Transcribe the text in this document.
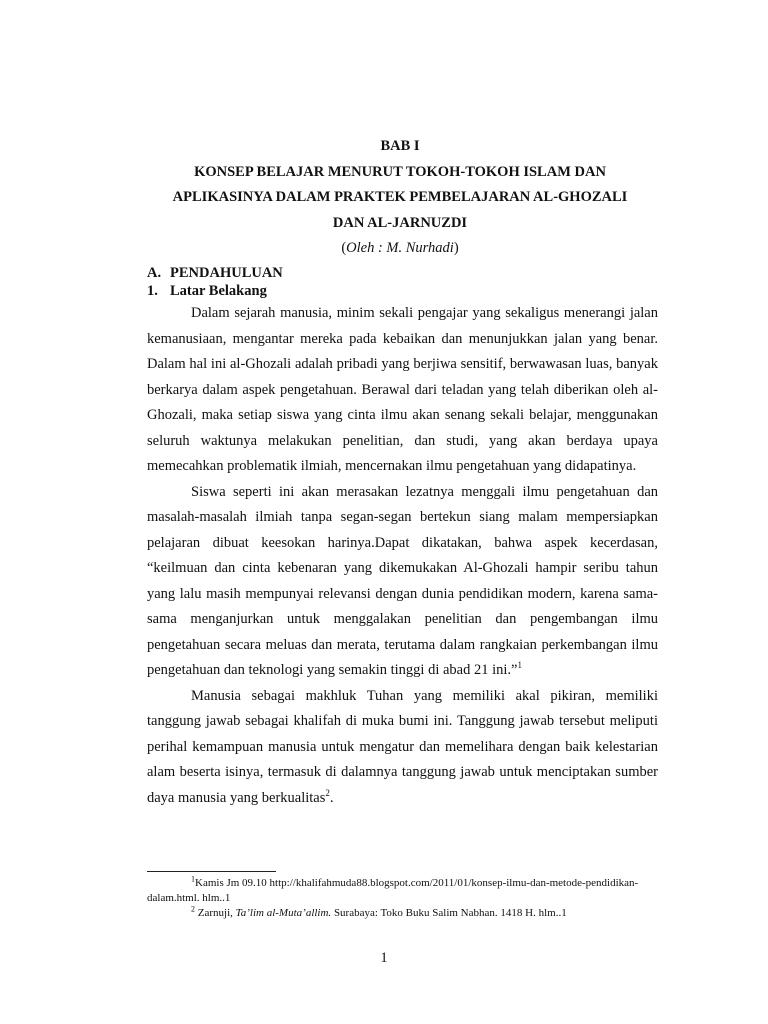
BAB I

KONSEP BELAJAR MENURUT TOKOH-TOKOH ISLAM DAN

APLIKASINYA DALAM PRAKTEK PEMBELAJARAN AL-GHOZALI

DAN AL-JARNUZDI

(Oleh : M. Nurhadi)

A. PENDAHULUAN
1. Latar Belakang

Dalam sejarah manusia, minim sekali pengajar yang sekaligus menerangi jalan kemanusiaan, mengantar mereka pada kebaikan dan menunjukkan jalan yang benar. Dalam hal ini al-Ghozali adalah pribadi yang berjiwa sensitif, berwawasan luas, banyak berkarya dalam aspek pengetahuan. Berawal dari teladan yang telah diberikan oleh al-Ghozali, maka setiap siswa yang cinta ilmu akan senang sekali belajar, menggunakan seluruh waktunya melakukan penelitian, dan studi, yang akan berdaya upaya memecahkan problematik ilmiah, mencernakan ilmu pengetahuan yang didapatinya.

Siswa seperti ini akan merasakan lezatnya menggali ilmu pengetahuan dan masalah-masalah ilmiah tanpa segan-segan bertekun siang malam mempersiapkan pelajaran dibuat keesokan harinya.Dapat dikatakan, bahwa aspek kecerdasan, “keilmuan dan cinta kebenaran yang dikemukakan Al-Ghozali hampir seribu tahun yang lalu masih mempunyai relevansi dengan dunia pendidikan modern, karena sama-sama menganjurkan untuk menggalakan penelitian dan pengembangan ilmu pengetahuan secara meluas dan merata, terutama dalam rangkaian perkembangan ilmu pengetahuan dan teknologi yang semakin tinggi di abad 21 ini.”$^1$

Manusia sebagai makhluk Tuhan yang memiliki akal pikiran, memiliki tanggung jawab sebagai khalifah di muka bumi ini. Tanggung jawab tersebut meliputi perihal kemampuan manusia untuk mengatur dan memelihara dengan baik kelestarian alam beserta isinya, termasuk di dalamnya tanggung jawab untuk menciptakan sumber daya manusia yang berkualitas$^2$.

$^1$Kamis Jm 09.10 http://khalifahmuda88.blogspot.com/2011/01/konsep-ilmu-dan-metode-pendidikan-dalam.html. hlm..1

$^2$ Zarnuji, Ta’lim al-Muta’allim. Surabaya: Toko Buku Salim Nabhan. 1418 H. hlm..1

1
